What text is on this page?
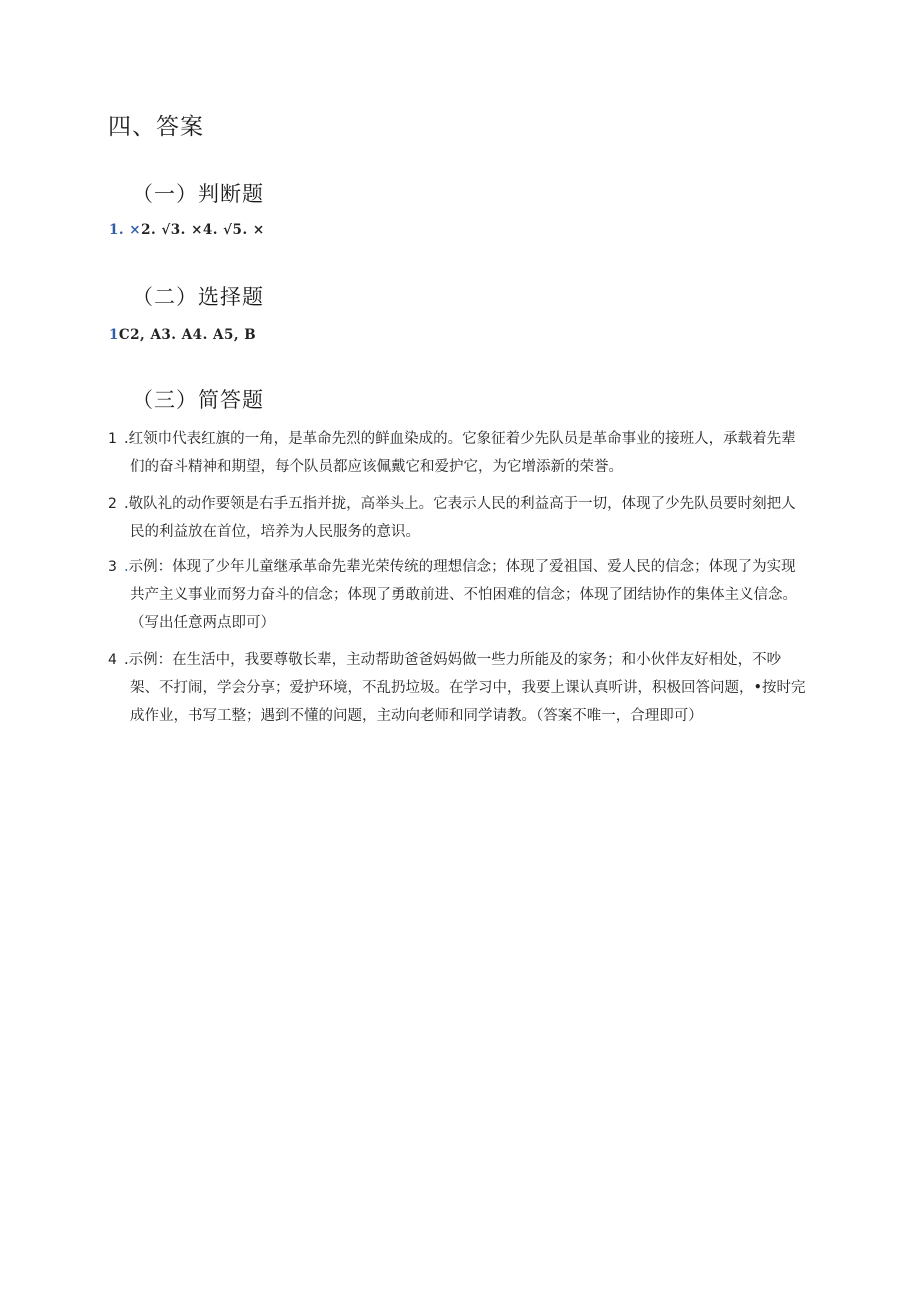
四、答案
（一）判断题
1. ×2. √3. ×4. √5. ×
（二）选择题
1C2, A3. A4. A5, B
（三）简答题
1 .红领巾代表红旗的一角，是革命先烈的鲜血染成的。它象征着少先队员是革命事业的接班人，承载着先辈们的奋斗精神和期望，每个队员都应该佩戴它和爱护它，为它增添新的荣誉。
2 .敬队礼的动作要领是右手五指并拢，高举头上。它表示人民的利益高于一切，体现了少先队员要时刻把人民的利益放在首位，培养为人民服务的意识。
3 .示例：体现了少年儿童继承革命先辈光荣传统的理想信念；体现了爱祖国、爱人民的信念；体现了为实现共产主义事业而努力奋斗的信念；体现了勇敢前进、不怕困难的信念；体现了团结协作的集体主义信念。（写出任意两点即可）
4 .示例：在生活中，我要尊敬长辈，主动帮助爸爸妈妈做一些力所能及的家务；和小伙伴友好相处，不吵架、不打闹，学会分享；爱护环境，不乱扔垃圾。在学习中，我要上课认真听讲，积极回答问题，•按时完成作业，书写工整；遇到不懂的问题，主动向老师和同学请教。（答案不唯一，合理即可）
